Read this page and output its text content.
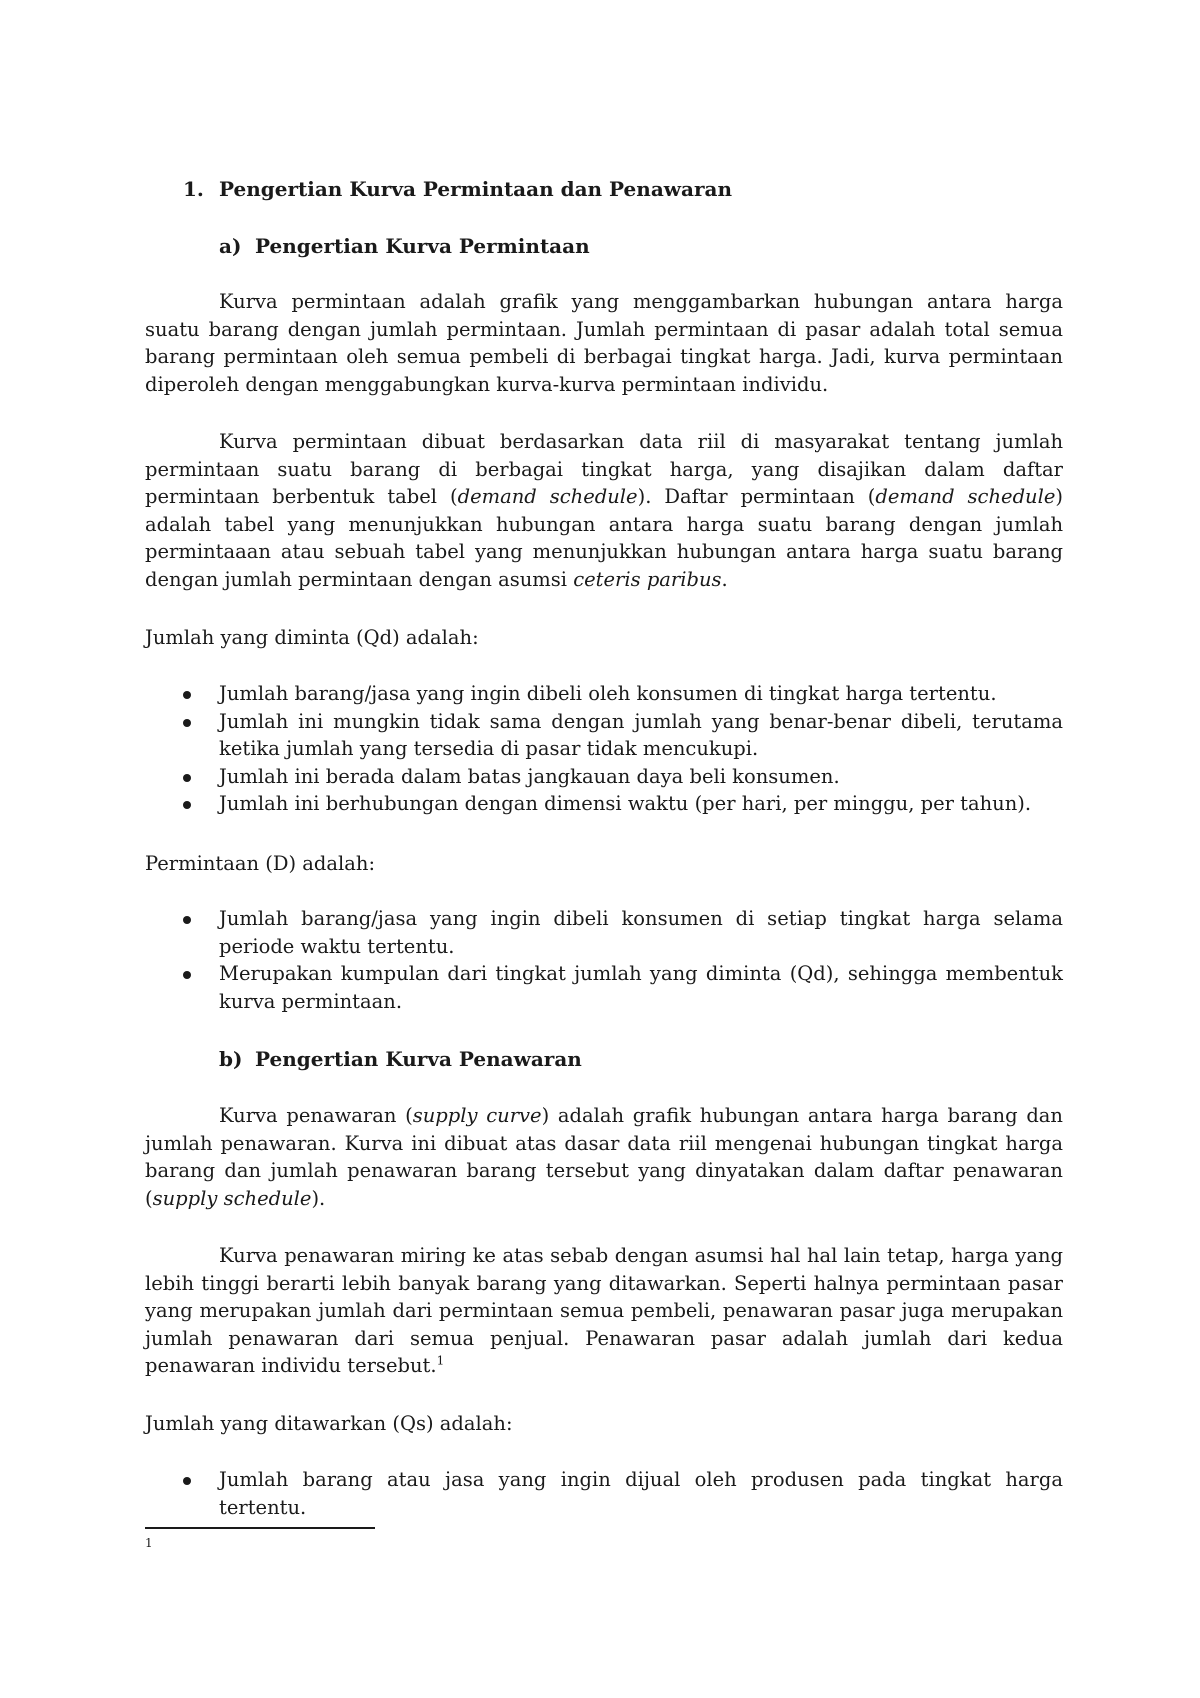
1. Pengertian Kurva Permintaan dan Penawaran
a) Pengertian Kurva Permintaan

Kurva permintaan adalah grafik yang menggambarkan hubungan antara harga suatu barang dengan jumlah permintaan. Jumlah permintaan di pasar adalah total semua barang permintaan oleh semua pembeli di berbagai tingkat harga. Jadi, kurva permintaan diperoleh dengan menggabungkan kurva-kurva permintaan individu.

Kurva permintaan dibuat berdasarkan data riil di masyarakat tentang jumlah permintaan suatu barang di berbagai tingkat harga, yang disajikan dalam daftar permintaan berbentuk tabel (demand schedule). Daftar permintaan (demand schedule) adalah tabel yang menunjukkan hubungan antara harga suatu barang dengan jumlah permintaaan atau sebuah tabel yang menunjukkan hubungan antara harga suatu barang dengan jumlah permintaan dengan asumsi ceteris paribus.

Jumlah yang diminta (Qd) adalah:

Jumlah barang/jasa yang ingin dibeli oleh konsumen di tingkat harga tertentu.
Jumlah ini mungkin tidak sama dengan jumlah yang benar-benar dibeli, terutama ketika jumlah yang tersedia di pasar tidak mencukupi.
Jumlah ini berada dalam batas jangkauan daya beli konsumen.
Jumlah ini berhubungan dengan dimensi waktu (per hari, per minggu, per tahun).

Permintaan (D) adalah:

Jumlah barang/jasa yang ingin dibeli konsumen di setiap tingkat harga selama periode waktu tertentu.
Merupakan kumpulan dari tingkat jumlah yang diminta (Qd), sehingga membentuk kurva permintaan.
b) Pengertian Kurva Penawaran

Kurva penawaran (supply curve) adalah grafik hubungan antara harga barang dan jumlah penawaran. Kurva ini dibuat atas dasar data riil mengenai hubungan tingkat harga barang dan jumlah penawaran barang tersebut yang dinyatakan dalam daftar penawaran (supply schedule).

Kurva penawaran miring ke atas sebab dengan asumsi hal hal lain tetap, harga yang lebih tinggi berarti lebih banyak barang yang ditawarkan. Seperti halnya permintaan pasar yang merupakan jumlah dari permintaan semua pembeli, penawaran pasar juga merupakan jumlah penawaran dari semua penjual. Penawaran pasar adalah jumlah dari kedua penawaran individu tersebut.$^1$

Jumlah yang ditawarkan (Qs) adalah:

Jumlah barang atau jasa yang ingin dijual oleh produsen pada tingkat harga tertentu.
1
